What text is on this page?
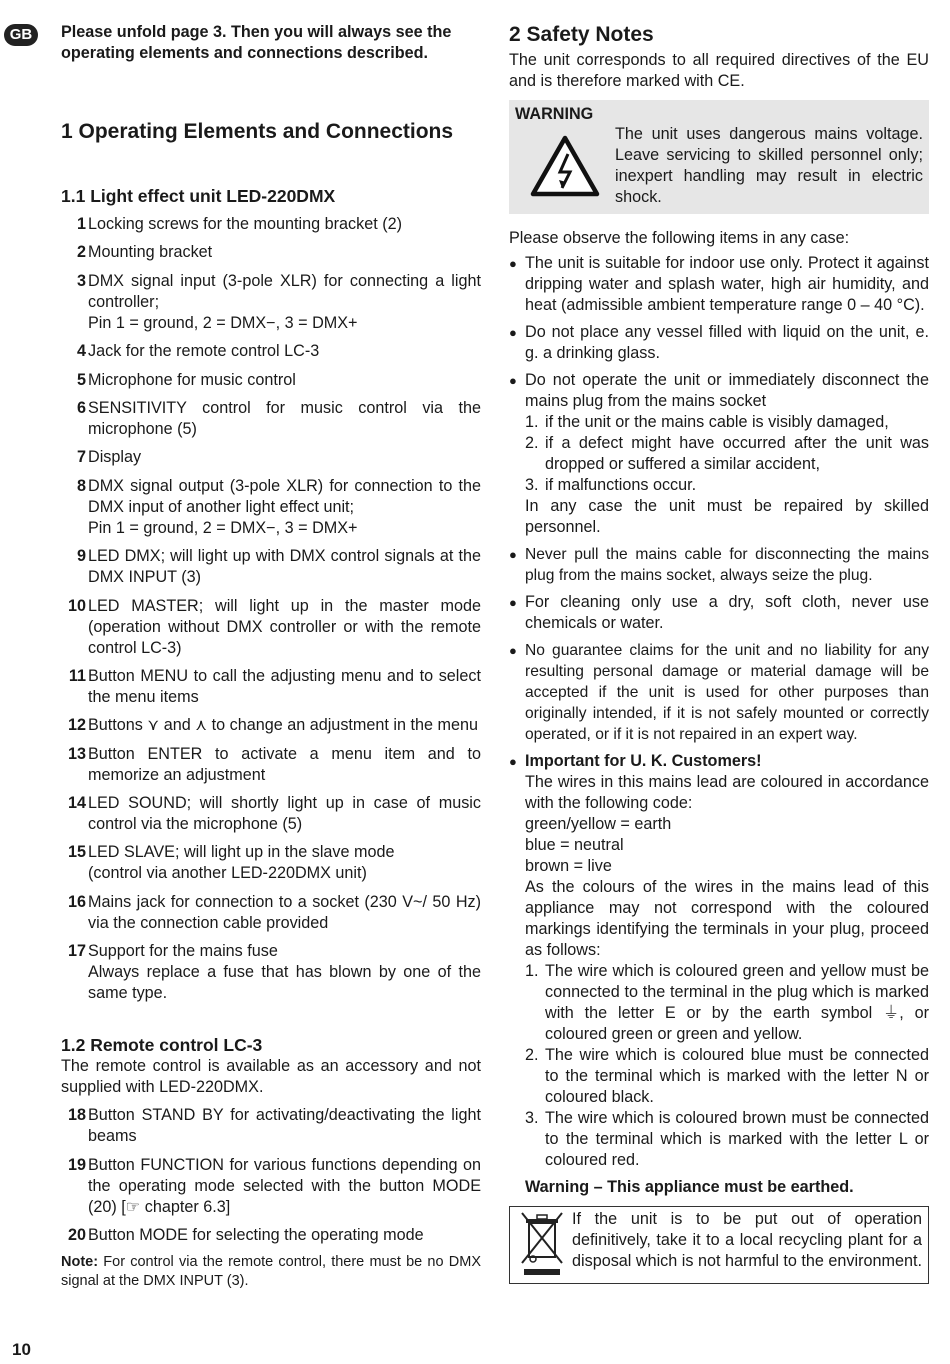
GB	Please unfold page 3. Then you will always see the operating elements and connections described.

1 Operating Elements and Connections
1.1 Light effect unit LED-220DMX
1 Locking screws for the mounting bracket (2)
2 Mounting bracket
3 DMX signal input (3-pole XLR) for connecting a light controller;
Pin 1 = ground, 2 = DMX−, 3 = DMX+
4 Jack for the remote control LC-3
5 Microphone for music control
6 SENSITIVITY control for music control via the microphone (5)
7 Display
8 DMX signal output (3-pole XLR) for connection to the DMX input of another light effect unit;
Pin 1 = ground, 2 = DMX−, 3 = DMX+
9 LED DMX; will light up with DMX control signals at the DMX INPUT (3)
10 LED MASTER; will light up in the master mode (operation without DMX controller or with the remote control LC-3)
11 Button MENU to call the adjusting menu and to select the menu items
12 Buttons ⋎ and ⋏ to change an adjustment in the menu
13 Button ENTER to activate a menu item and to memorize an adjustment
14 LED SOUND; will shortly light up in case of music control via the microphone (5)
15 LED SLAVE; will light up in the slave mode
(control via another LED-220DMX unit)
16 Mains jack for connection to a socket (230 V~/ 50 Hz) via the connection cable provided
17 Support for the mains fuse
Always replace a fuse that has blown by one of the same type.
1.2 Remote control LC-3
The remote control is available as an accessory and not supplied with LED-220DMX.
18 Button STAND BY for activating/deactivating the light beams
19 Button FUNCTION for various functions depending on the operating mode selected with the button MODE (20) [☞ chapter 6.3]
20 Button MODE for selecting the operating mode
Note: For control via the remote control, there must be no DMX signal at the DMX INPUT (3).
2 Safety Notes
The unit corresponds to all required directives of the EU and is therefore marked with CE.
WARNING
The unit uses dangerous mains voltage. Leave servicing to skilled personnel only; inexpert handling may result in electric shock.
Please observe the following items in any case:
● The unit is suitable for indoor use only. Protect it against dripping water and splash water, high air humidity, and heat (admissible ambient temperature range 0 – 40 °C).
● Do not place any vessel filled with liquid on the unit, e. g. a drinking glass.
● Do not operate the unit or immediately disconnect the mains plug from the mains socket
1. if the unit or the mains cable is visibly damaged,
2. if a defect might have occurred after the unit was dropped or suffered a similar accident,
3. if malfunctions occur.
In any case the unit must be repaired by skilled personnel.
● Never pull the mains cable for disconnecting the mains plug from the mains socket, always seize the plug.
● For cleaning only use a dry, soft cloth, never use chemicals or water.
● No guarantee claims for the unit and no liability for any resulting personal damage or material damage will be accepted if the unit is used for other purposes than originally intended, if it is not safely mounted or correctly operated, or if it is not repaired in an expert way.
● Important for U. K. Customers!
The wires in this mains lead are coloured in accordance with the following code:
green/yellow = earth
blue = neutral
brown = live
As the colours of the wires in the mains lead of this appliance may not correspond with the coloured markings identifying the terminals in your plug, proceed as follows:
1. The wire which is coloured green and yellow must be connected to the terminal in the plug which is marked with the letter E or by the earth symbol ⏚, or coloured green or green and yellow.
2. The wire which is coloured blue must be connected to the terminal which is marked with the letter N or coloured black.
3. The wire which is coloured brown must be connected to the terminal which is marked with the letter L or coloured red.
Warning – This appliance must be earthed.
If the unit is to be put out of operation definitively, take it to a local recycling plant for a disposal which is not harmful to the environment.
10
